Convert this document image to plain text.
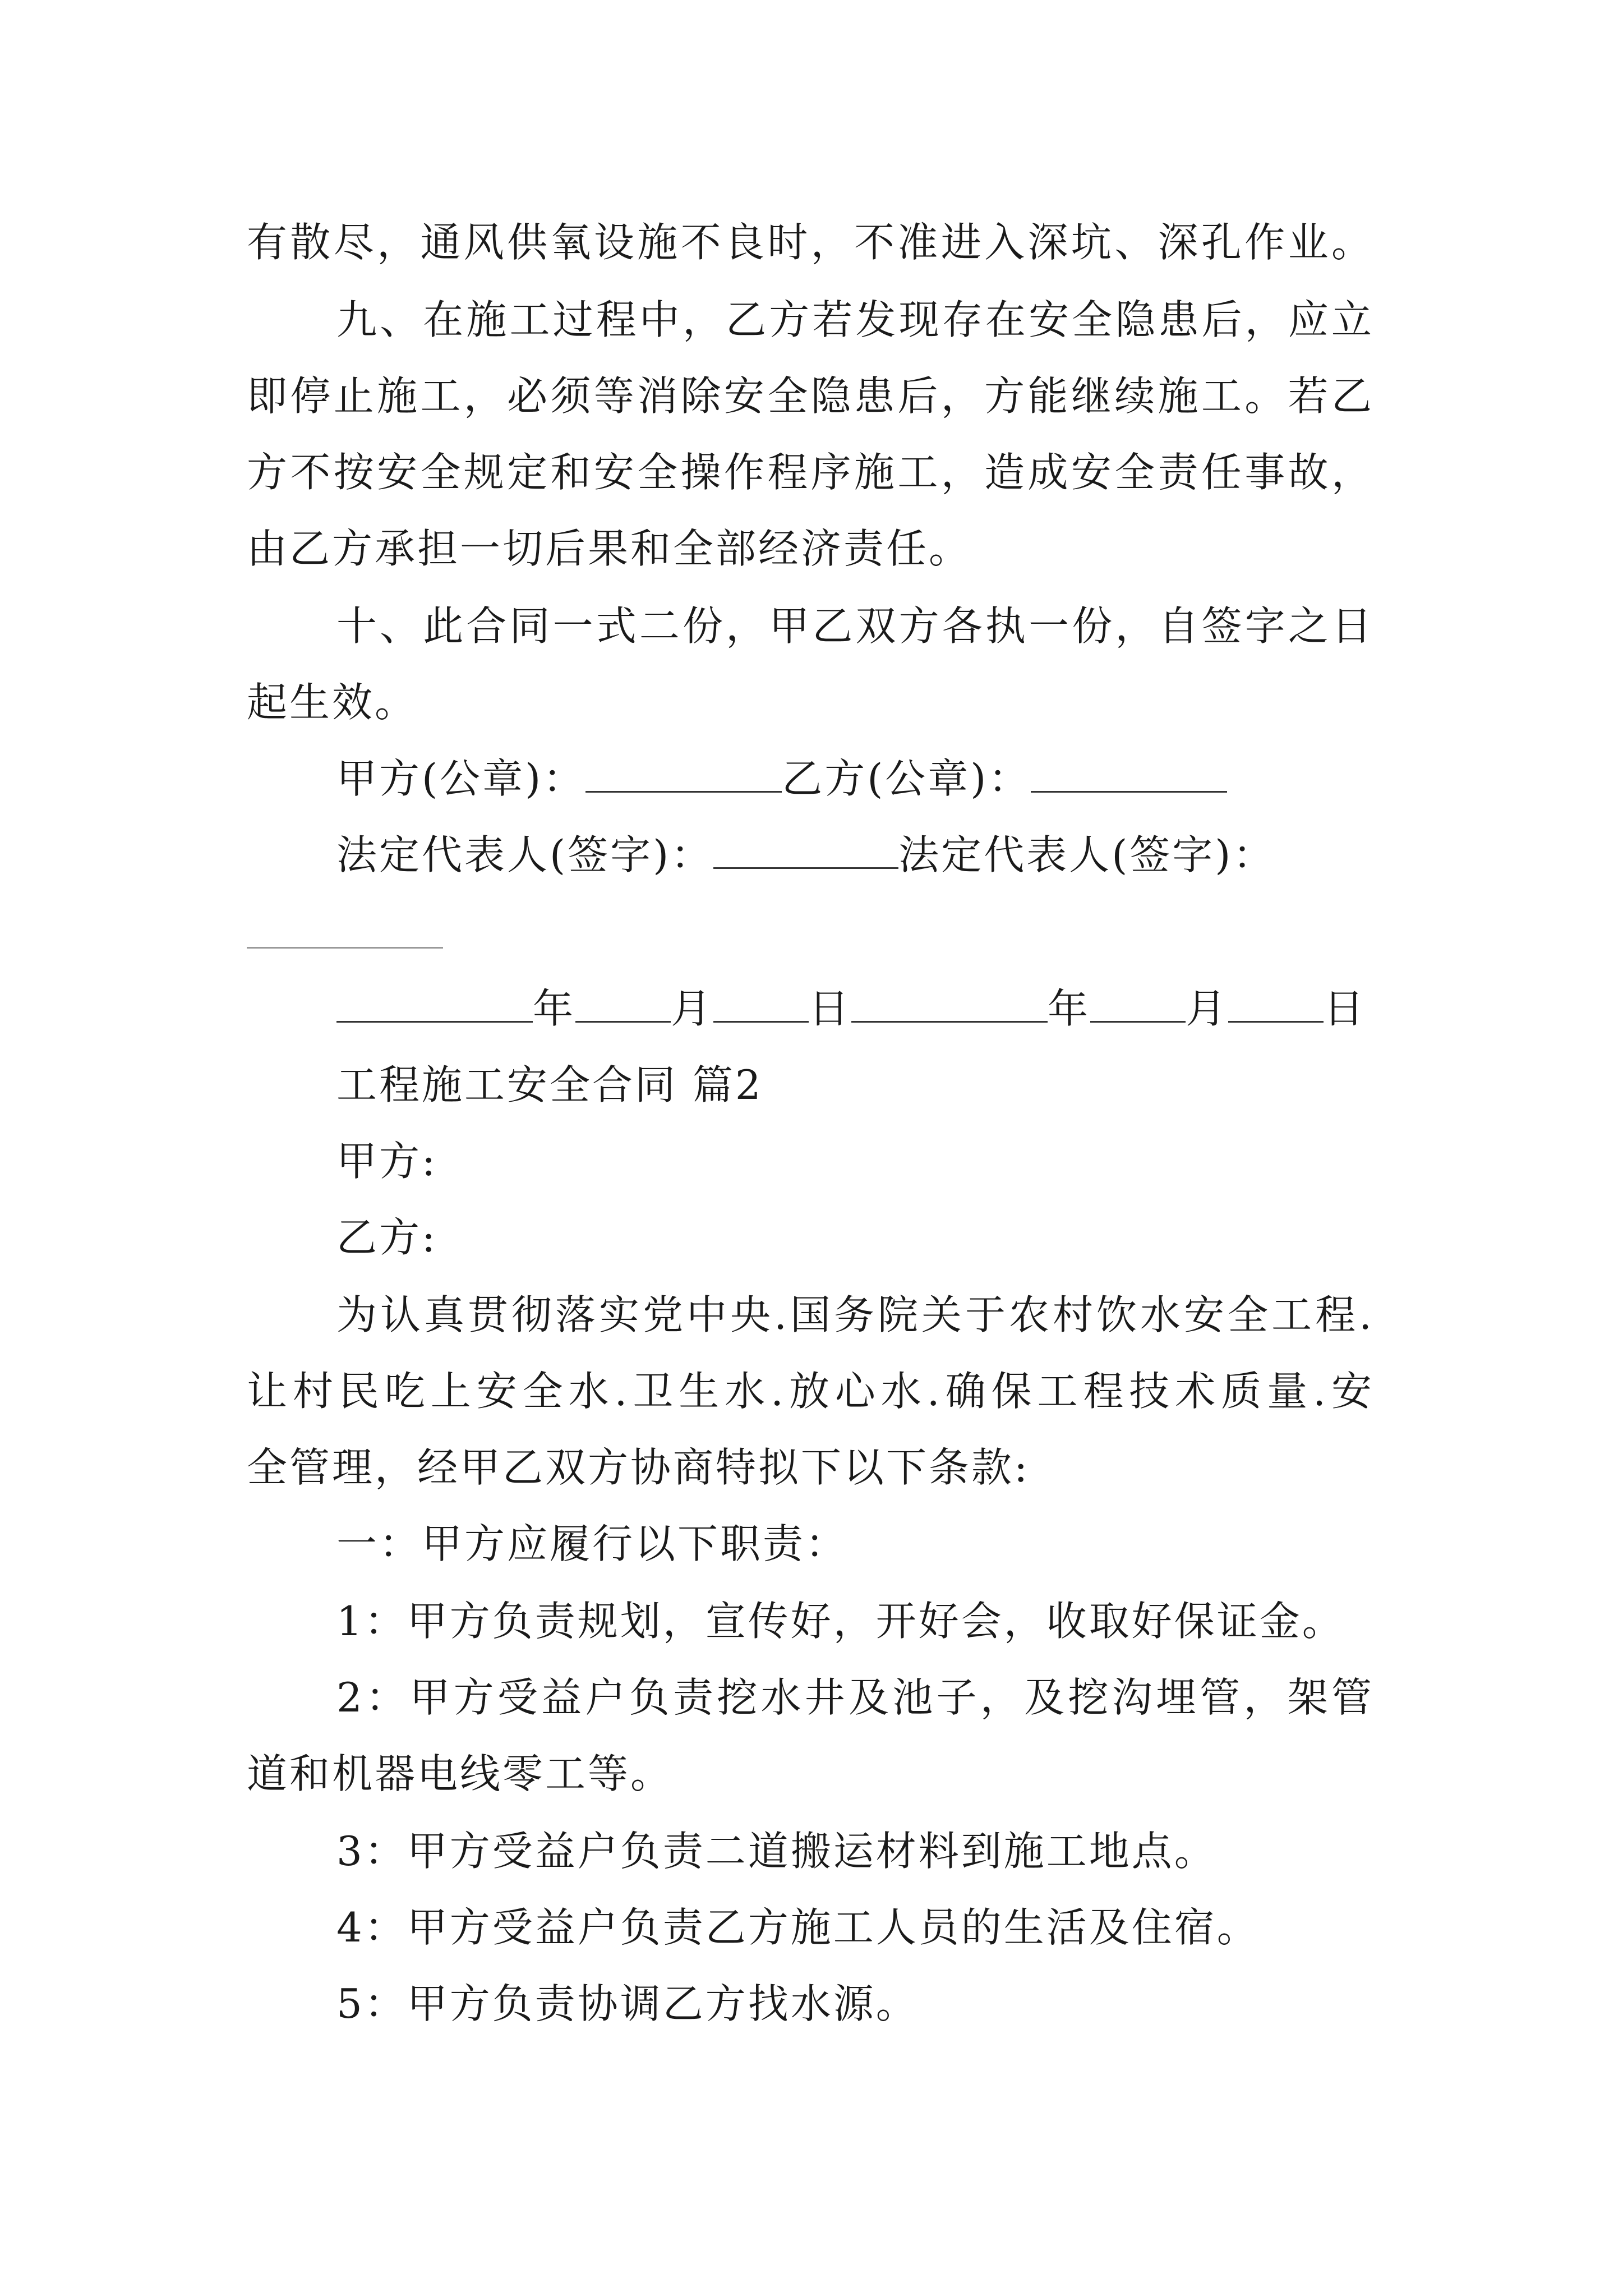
有散尽，通风供氧设施不良时，不准进入深坑、深孔作业。

九、在施工过程中，乙方若发现存在安全隐患后，应立

即停止施工，必须等消除安全隐患后，方能继续施工。若乙

方不按安全规定和安全操作程序施工，造成安全责任事故，

由乙方承担一切后果和全部经济责任。

十、此合同一式二份，甲乙双方各执一份，自签字之日

起生效。

甲方(公章)：	乙方(公章)：

法定代表人(签字)：	法定代表人(签字)：

年 月 日	年 月 日

工程施工安全合同 篇2

甲方:

乙方:

为认真贯彻落实党中央.国务院关于农村饮水安全工程.

让村民吃上安全水.卫生水.放心水.确保工程技术质量.安

全管理，经甲乙双方协商特拟下以下条款:

一：甲方应履行以下职责：

1：甲方负责规划，宣传好，开好会，收取好保证金。

2：甲方受益户负责挖水井及池子，及挖沟埋管，架管

道和机器电线零工等。

3：甲方受益户负责二道搬运材料到施工地点。

4：甲方受益户负责乙方施工人员的生活及住宿。

5：甲方负责协调乙方找水源。
